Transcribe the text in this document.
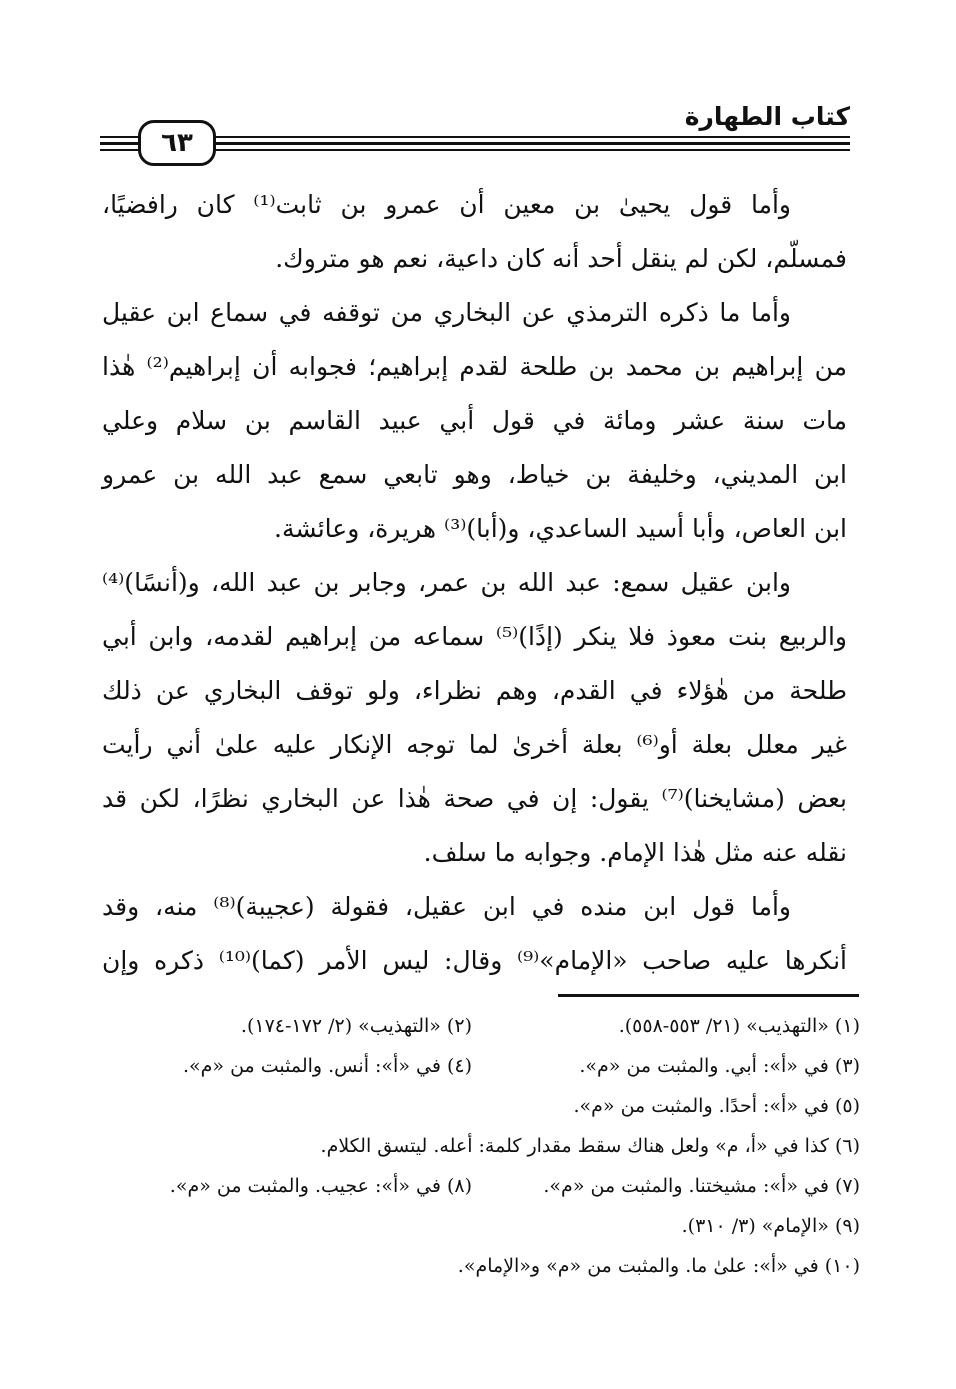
كتاب الطهارة
٦٣
وأما قول يحيىٰ بن معين أن عمرو بن ثابت⁽¹⁾ كان رافضيًا،
فمسلّم، لكن لم ينقل أحد أنه كان داعية، نعم هو متروك.
وأما ما ذكره الترمذي عن البخاري من توقفه في سماع ابن عقيل
من إبراهيم بن محمد بن طلحة لقدم إبراهيم؛ فجوابه أن إبراهيم⁽²⁾ هٰذا
مات سنة عشر ومائة في قول أبي عبيد القاسم بن سلام وعلي
ابن المديني، وخليفة بن خياط، وهو تابعي سمع عبد الله بن عمرو
ابن العاص، وأبا أسيد الساعدي، و(أبا)⁽³⁾ هريرة، وعائشة.
وابن عقيل سمع: عبد الله بن عمر، وجابر بن عبد الله، و(أنسًا)⁽⁴⁾
والربيع بنت معوذ فلا ينكر (إذًا)⁽⁵⁾ سماعه من إبراهيم لقدمه، وابن أبي
طلحة من هٰؤلاء في القدم، وهم نظراء، ولو توقف البخاري عن ذلك
غير معلل بعلة أو⁽⁶⁾ بعلة أخرىٰ لما توجه الإنكار عليه علىٰ أني رأيت
بعض (مشايخنا)⁽⁷⁾ يقول: إن في صحة هٰذا عن البخاري نظرًا، لكن قد
نقله عنه مثل هٰذا الإمام. وجوابه ما سلف.
وأما قول ابن منده في ابن عقيل، فقولة (عجيبة)⁽⁸⁾ منه، وقد
أنكرها عليه صاحب «الإمام»⁽⁹⁾ وقال: ليس الأمر (كما)⁽¹⁰⁾ ذكره وإن
(١) «التهذيب» (٢١/ ٥٥٣-٥٥٨).
(٢) «التهذيب» (٢/ ١٧٢-١٧٤).
(٣) في «أ»: أبي. والمثبت من «م».
(٤) في «أ»: أنس. والمثبت من «م».
(٥) في «أ»: أحدًا. والمثبت من «م».
(٦) كذا في «أ، م» ولعل هناك سقط مقدار كلمة: أعله. ليتسق الكلام.
(٧) في «أ»: مشيختنا. والمثبت من «م».
(٨) في «أ»: عجيب. والمثبت من «م».
(٩) «الإمام» (٣/ ٣١٠).
(١٠) في «أ»: علىٰ ما. والمثبت من «م» و«الإمام».
